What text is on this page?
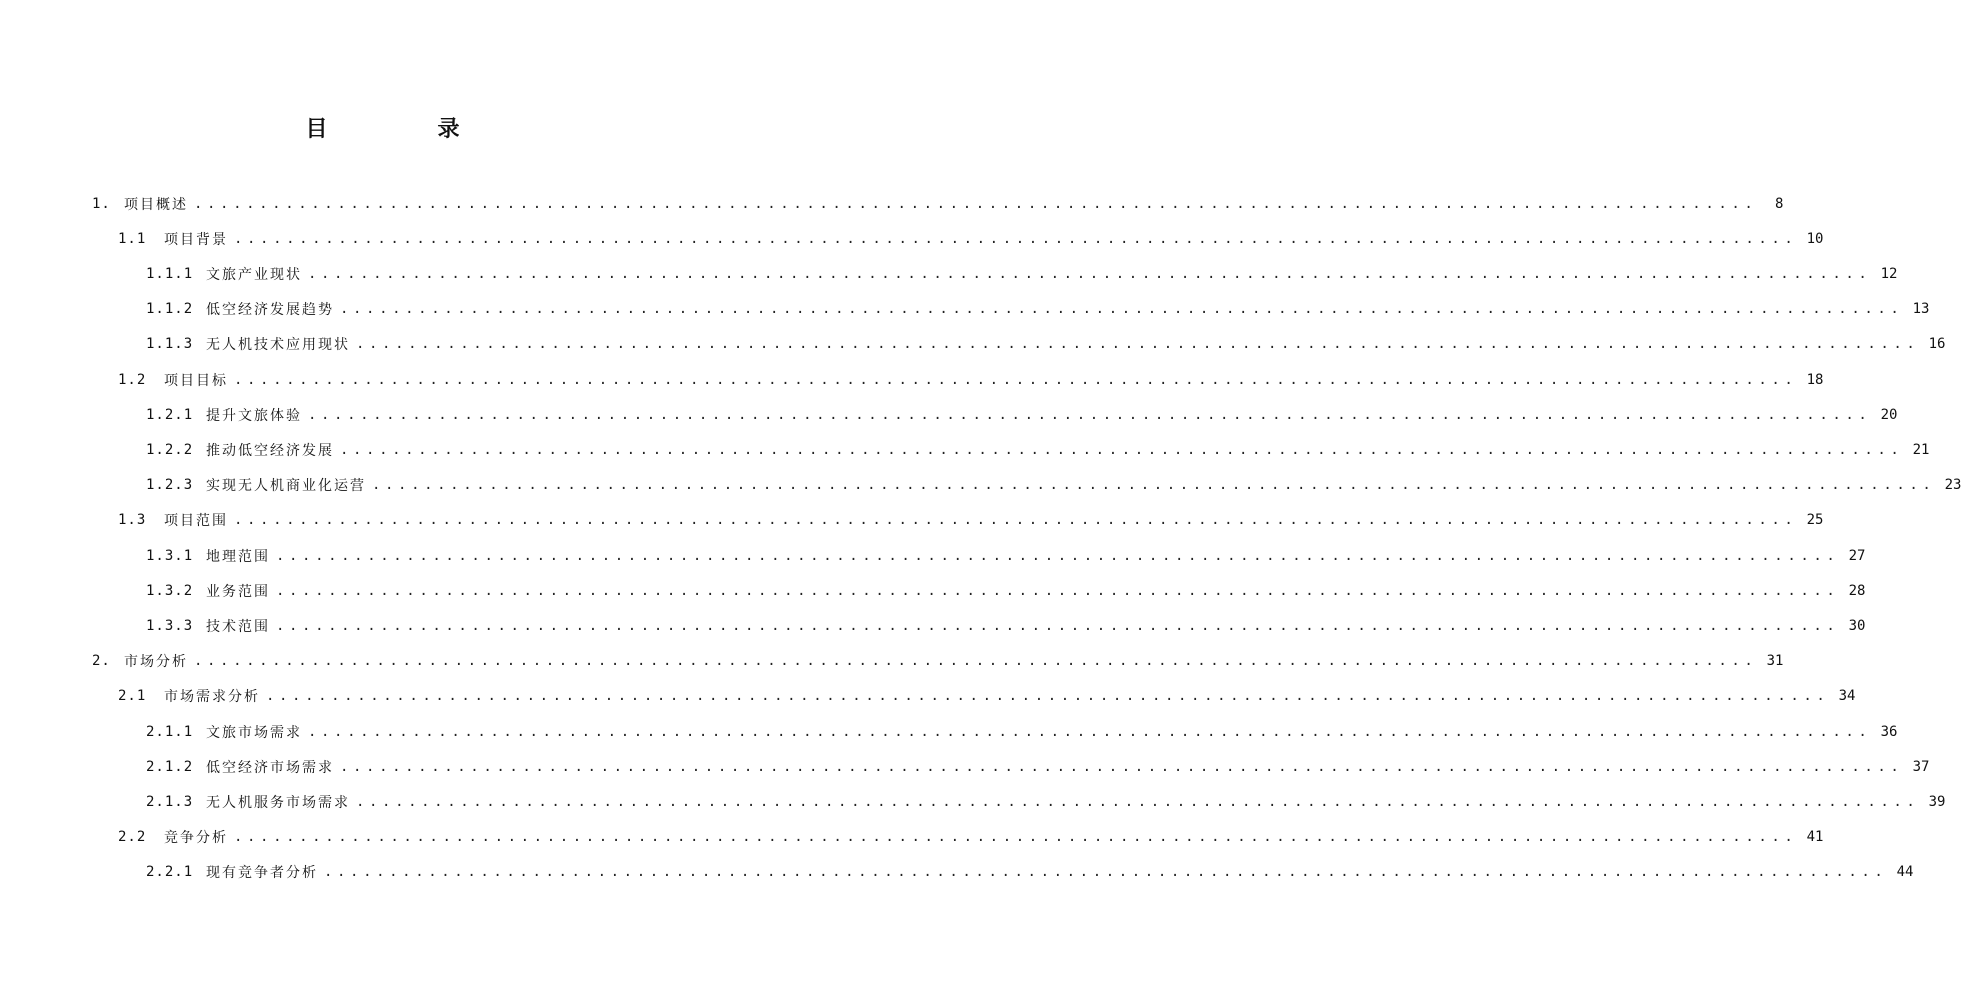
目　录
1. 项目概述 ........................................................................................................................	8
1.1	项目背景 ........................................................................................................................ 10
1.1.1 文旅产业现状 ........................................................................................................................ 12
1.1.2 低空经济发展趋势 ........................................................................................................................ 13
1.1.3 无人机技术应用现状 ........................................................................................................................ 16
1.2	项目目标 ........................................................................................................................ 18
1.2.1 提升文旅体验 ........................................................................................................................ 20
1.2.2 推动低空经济发展 ........................................................................................................................ 21
1.2.3 实现无人机商业化运营 ........................................................................................................................ 23
1.3	项目范围 ........................................................................................................................ 25
1.3.1 地理范围 ........................................................................................................................ 27
1.3.2 业务范围 ........................................................................................................................ 28
1.3.3 技术范围 ........................................................................................................................ 30
2. 市场分析 ........................................................................................................................ 31
2.1	市场需求分析 ........................................................................................................................ 34
2.1.1 文旅市场需求 ........................................................................................................................ 36
2.1.2 低空经济市场需求 ........................................................................................................................ 37
2.1.3 无人机服务市场需求 ........................................................................................................................ 39
2.2	竞争分析 ........................................................................................................................ 41
2.2.1 现有竞争者分析 ........................................................................................................................ 44
